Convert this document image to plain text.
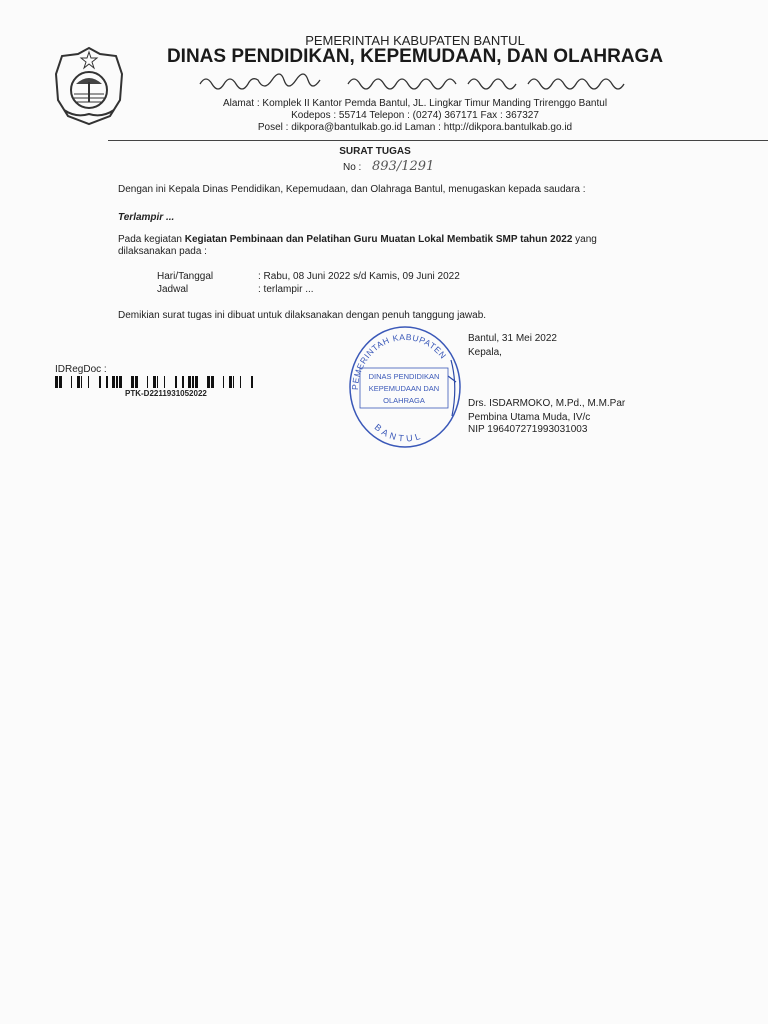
PEMERINTAH KABUPATEN BANTUL
DINAS PENDIDIKAN, KEPEMUDAAN, DAN OLAHRAGA
Alamat : Komplek II Kantor Pemda Bantul, JL. Lingkar Timur Manding Trirenggo Bantul
Kodepos : 55714 Telepon : (0274) 367171 Fax : 367327
Posel : dikpora@bantulkab.go.id Laman : http://dikpora.bantulkab.go.id
SURAT TUGAS
No : 893/1291
Dengan ini Kepala Dinas Pendidikan, Kepemudaan, dan Olahraga Bantul, menugaskan kepada saudara :
Terlampir ...
Pada kegiatan Kegiatan Pembinaan dan Pelatihan Guru Muatan Lokal Membatik SMP tahun 2022 yang
dilaksanakan pada :
Hari/Tanggal	: Rabu, 08 Juni 2022 s/d Kamis, 09 Juni 2022
Jadwal	: terlampir ...
Demikian surat tugas ini dibuat untuk dilaksanakan dengan penuh tanggung jawab.
PEMERINTAH KABUPATEN
BANTUL
DINAS PENDIDIKAN
KEPEMUDAAN DAN
OLAHRAGA
Bantul, 31 Mei 2022
Kepala,
Drs. ISDARMOKO, M.Pd., M.M.Par
Pembina Utama Muda, IV/c
NIP 196407271993031003
IDRegDoc :
PTK-D2211931052022
